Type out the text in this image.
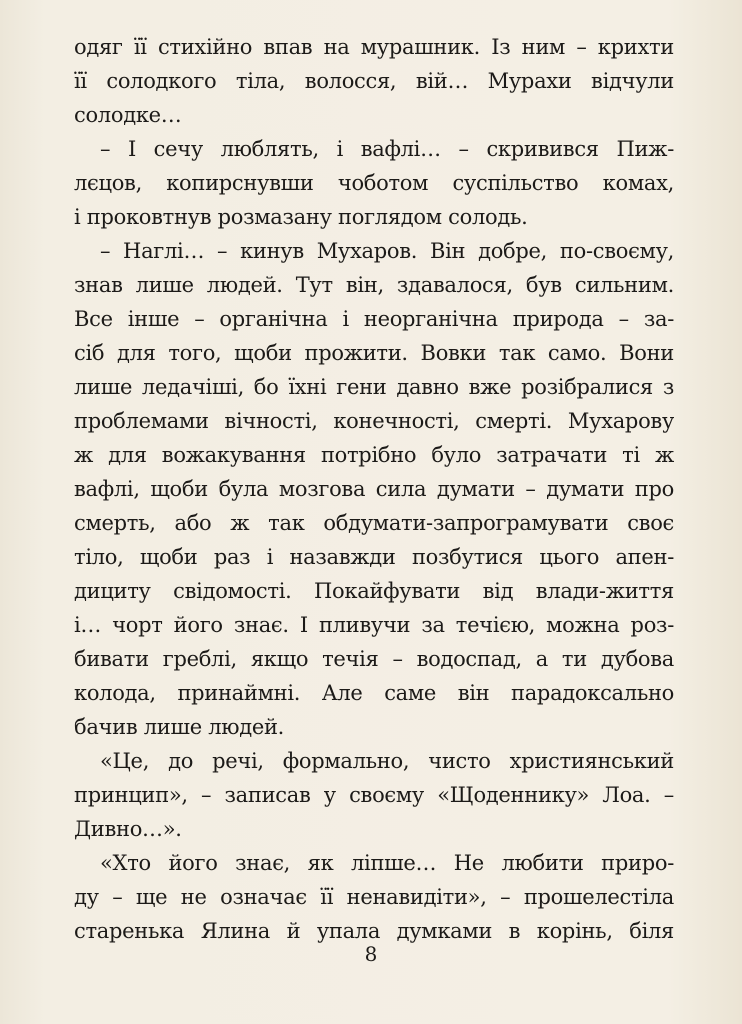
одяг її стихійно впав на мурашник. Із ним – крихти
її солодкого тіла, волосся, вій… Мурахи відчули
солодке…
– І сечу люблять, і вафлі… – скривився Пиж-
лєцов, копирснувши чоботом суспільство комах,
і проковтнув розмазану поглядом солодь.
– Наглі… – кинув Мухаров. Він добре, по-своєму,
знав лише людей. Тут він, здавалося, був сильним.
Все інше – органічна і неорганічна природа – за-
сіб для того, щоби прожити. Вовки так само. Вони
лише ледачіші, бо їхні гени давно вже розібралися з
проблемами вічності, конечності, смерті. Мухарову
ж для вожакування потрібно було затрачати ті ж
вафлі, щоби була мозгова сила думати – думати про
смерть, або ж так обдумати-запрограмувати своє
тіло, щоби раз і назавжди позбутися цього апен-
дициту свідомості. Покайфувати від влади-життя
і… чорт його знає. І пливучи за течією, можна роз-
бивати греблі, якщо течія – водоспад, а ти дубова
колода, принаймні. Але саме він парадоксально
бачив лише людей.
«Це, до речі, формально, чисто християнський
принцип», – записав у своєму «Щоденнику» Лоа. –
Дивно…».
«Хто його знає, як ліпше… Не любити приро-
ду – ще не означає її ненавидіти», – прошелестіла
старенька Ялина й упала думками в корінь, біля
8
